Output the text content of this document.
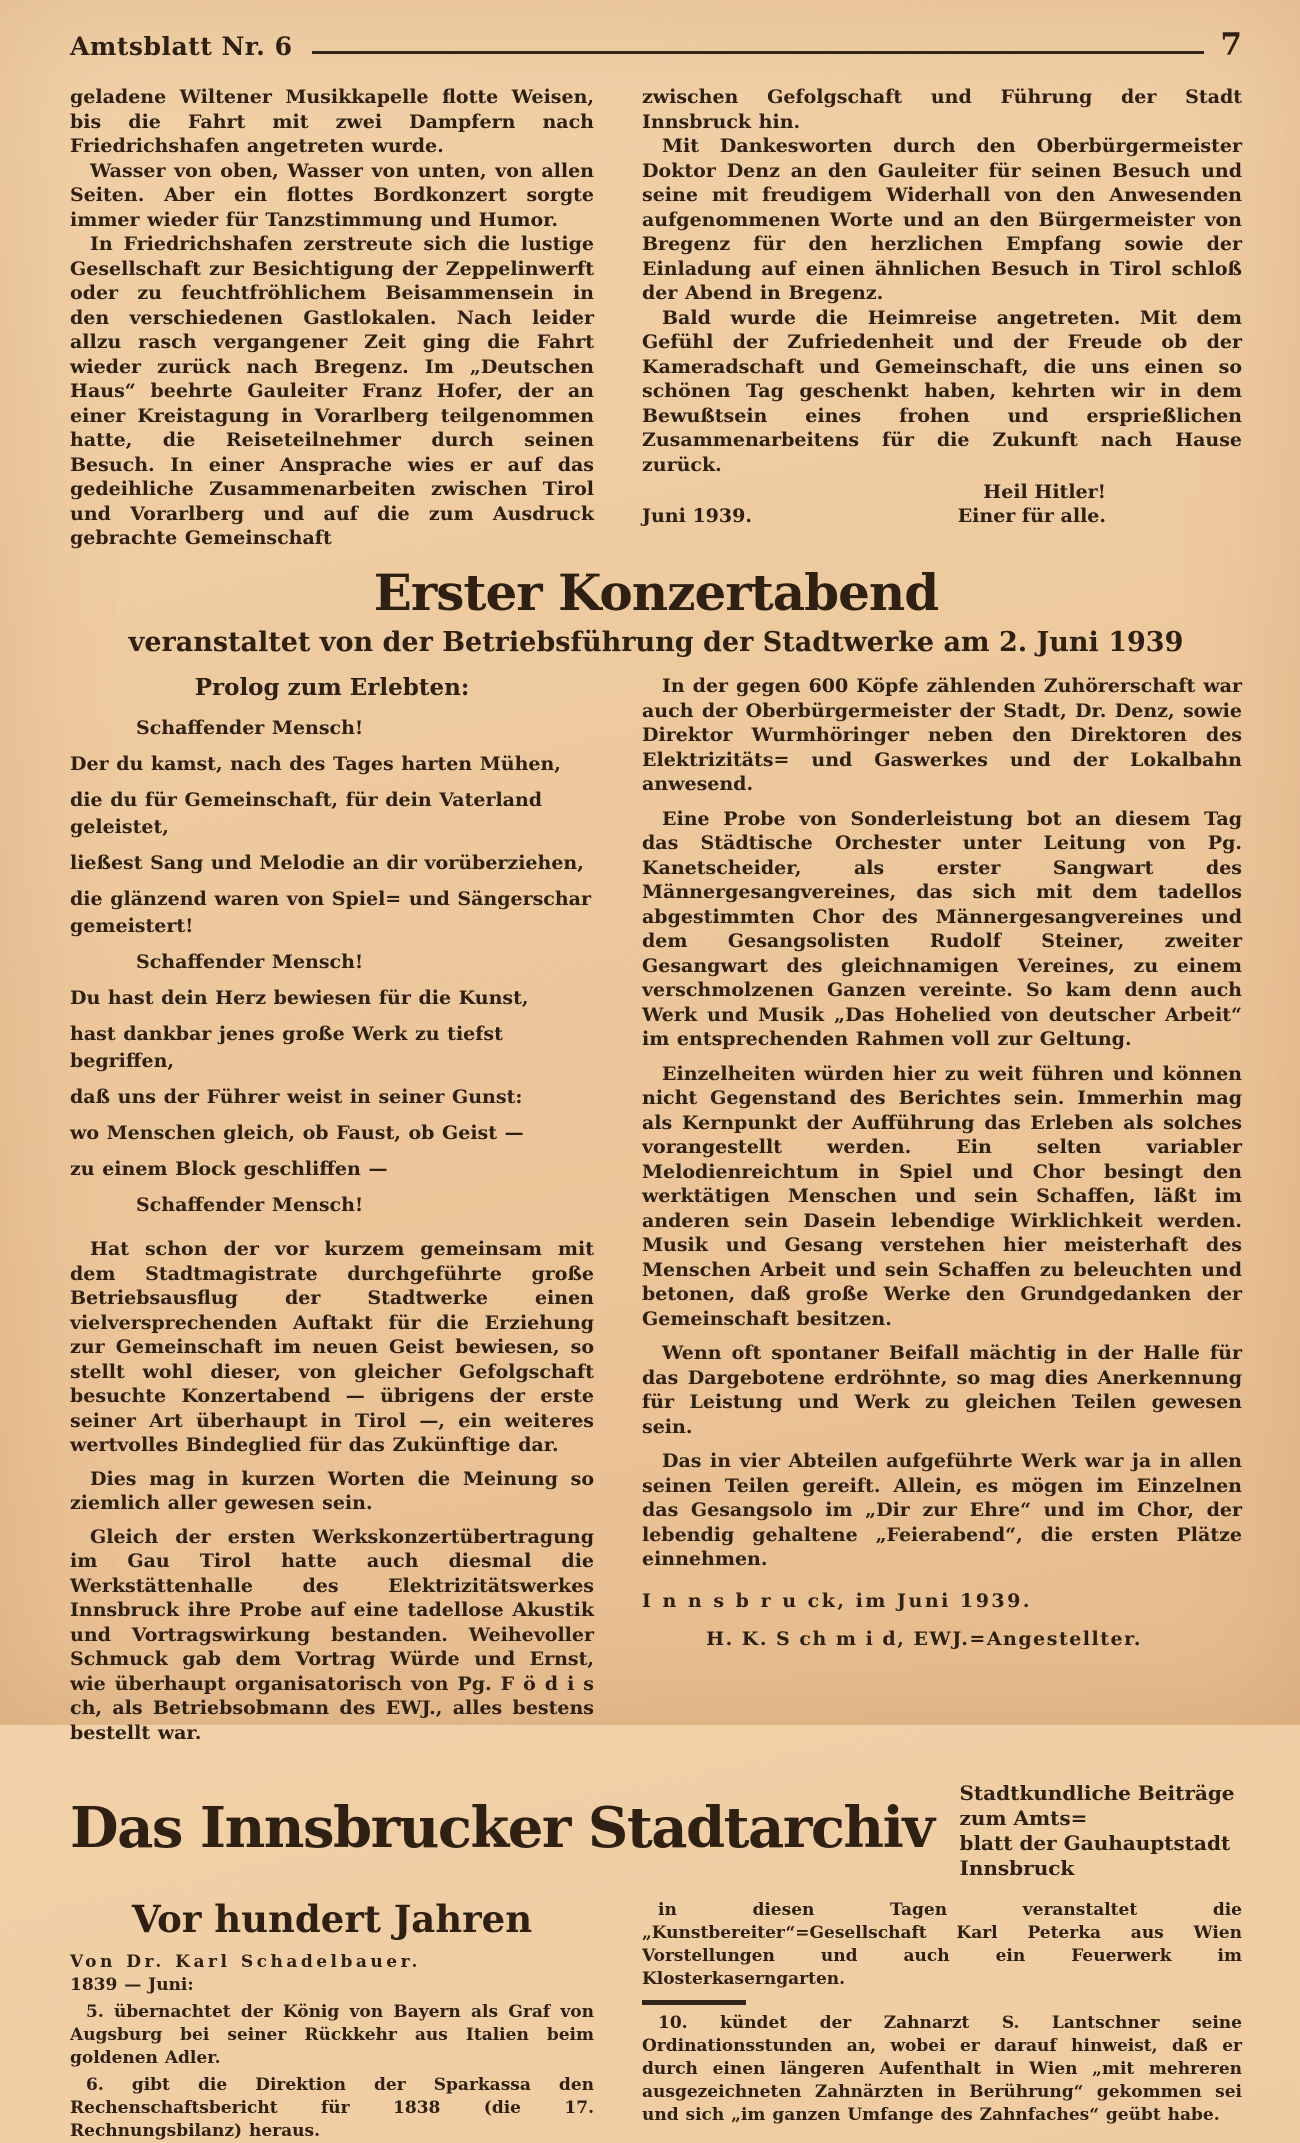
Amtsblatt Nr. 6	7

geladene Wiltener Musikkapelle flotte Weisen, bis die Fahrt mit zwei Dampfern nach Friedrichshafen angetreten wurde.

Wasser von oben, Wasser von unten, von allen Seiten. Aber ein flottes Bordkonzert sorgte immer wieder für Tanzstimmung und Humor.

In Friedrichshafen zerstreute sich die lustige Gesellschaft zur Besichtigung der Zeppelinwerft oder zu feuchtfröhlichem Beisammensein in den verschiedenen Gastlokalen. Nach leider allzu rasch vergangener Zeit ging die Fahrt wieder zurück nach Bregenz. Im „Deutschen Haus“ beehrte Gauleiter Franz Hofer, der an einer Kreistagung in Vorarlberg teilgenommen hatte, die Reiseteilnehmer durch seinen Besuch. In einer Ansprache wies er auf das gedeihliche Zusammenarbeiten zwischen Tirol und Vorarlberg und auf die zum Ausdruck gebrachte Gemeinschaft

zwischen Gefolgschaft und Führung der Stadt Innsbruck hin.

Mit Dankesworten durch den Oberbürgermeister Doktor Denz an den Gauleiter für seinen Besuch und seine mit freudigem Widerhall von den Anwesenden aufgenommenen Worte und an den Bürgermeister von Bregenz für den herzlichen Empfang sowie der Einladung auf einen ähnlichen Besuch in Tirol schloß der Abend in Bregenz.

Bald wurde die Heimreise angetreten. Mit dem Gefühl der Zufriedenheit und der Freude ob der Kameradschaft und Gemeinschaft, die uns einen so schönen Tag geschenkt haben, kehrten wir in dem Bewußtsein eines frohen und ersprießlichen Zusammenarbeitens für die Zukunft nach Hause zurück.

Heil Hitler!
Juni 1939.	Einer für alle.
Erster Konzertabend
veranstaltet von der Betriebsführung der Stadtwerke am 2. Juni 1939
Prolog zum Erlebten:

Schaffender Mensch!

Der du kamst, nach des Tages harten Mühen,

die du für Gemeinschaft, für dein Vaterland geleistet,

ließest Sang und Melodie an dir vorüberziehen,

die glänzend waren von Spiel= und Sängerschar gemeistert!

Schaffender Mensch!

Du hast dein Herz bewiesen für die Kunst,

hast dankbar jenes große Werk zu tiefst begriffen,

daß uns der Führer weist in seiner Gunst:

wo Menschen gleich, ob Faust, ob Geist —

zu einem Block geschliffen —

Schaffender Mensch!

Hat schon der vor kurzem gemeinsam mit dem Stadtmagistrate durchgeführte große Betriebsausflug der Stadtwerke einen vielversprechenden Auftakt für die Erziehung zur Gemeinschaft im neuen Geist bewiesen, so stellt wohl dieser, von gleicher Gefolgschaft besuchte Konzertabend — übrigens der erste seiner Art überhaupt in Tirol —, ein weiteres wertvolles Bindeglied für das Zukünftige dar.

Dies mag in kurzen Worten die Meinung so ziemlich aller gewesen sein.

Gleich der ersten Werkskonzertübertragung im Gau Tirol hatte auch diesmal die Werkstättenhalle des Elektrizitätswerkes Innsbruck ihre Probe auf eine tadellose Akustik und Vortragswirkung bestanden. Weihevoller Schmuck gab dem Vortrag Würde und Ernst, wie überhaupt organisatorisch von Pg. F ö d i s ch, als Betriebsobmann des EWJ., alles bestens bestellt war.

In der gegen 600 Köpfe zählenden Zuhörerschaft war auch der Oberbürgermeister der Stadt, Dr. Denz, sowie Direktor Wurmhöringer neben den Direktoren des Elektrizitäts= und Gaswerkes und der Lokalbahn anwesend.

Eine Probe von Sonderleistung bot an diesem Tag das Städtische Orchester unter Leitung von Pg. Kanetscheider, als erster Sangwart des Männergesangvereines, das sich mit dem tadellos abgestimmten Chor des Männergesangvereines und dem Gesangsolisten Rudolf Steiner, zweiter Gesangwart des gleichnamigen Vereines, zu einem verschmolzenen Ganzen vereinte. So kam denn auch Werk und Musik „Das Hohelied von deutscher Arbeit“ im entsprechenden Rahmen voll zur Geltung.

Einzelheiten würden hier zu weit führen und können nicht Gegenstand des Berichtes sein. Immerhin mag als Kernpunkt der Aufführung das Erleben als solches vorangestellt werden. Ein selten variabler Melodienreichtum in Spiel und Chor besingt den werktätigen Menschen und sein Schaffen, läßt im anderen sein Dasein lebendige Wirklichkeit werden. Musik und Gesang verstehen hier meisterhaft des Menschen Arbeit und sein Schaffen zu beleuchten und betonen, daß große Werke den Grundgedanken der Gemeinschaft besitzen.

Wenn oft spontaner Beifall mächtig in der Halle für das Dargebotene erdröhnte, so mag dies Anerkennung für Leistung und Werk zu gleichen Teilen gewesen sein.

Das in vier Abteilen aufgeführte Werk war ja in allen seinen Teilen gereift. Allein, es mögen im Einzelnen das Gesangsolo im „Dir zur Ehre“ und im Chor, der lebendig gehaltene „Feierabend“, die ersten Plätze einnehmen.

I n n s b r u ck, im Juni 1939.
H. K. S ch m i d, EWJ.=Angestellter.
Das Innsbrucker Stadtarchiv
Stadtkundliche Beiträge zum Amts=
blatt der Gauhauptstadt Innsbruck
Vor hundert Jahren

Von Dr. Karl Schadelbauer.

1839 — Juni:

5. übernachtet der König von Bayern als Graf von Augsburg bei seiner Rückkehr aus Italien beim goldenen Adler.

6. gibt die Direktion der Sparkassa den Rechenschaftsbericht für 1838 (die 17. Rechnungsbilanz) heraus.

in diesen Tagen veranstaltet die „Kunstbereiter“=Gesellschaft Karl Peterka aus Wien Vorstellungen und auch ein Feuerwerk im Klosterkaserngarten.

10. kündet der Zahnarzt S. Lantschner seine Ordinationsstunden an, wobei er darauf hinweist, daß er durch einen längeren Aufenthalt in Wien „mit mehreren ausgezeichneten Zahnärzten in Berührung“ gekommen sei und sich „im ganzen Umfange des Zahnfaches“ geübt habe.
